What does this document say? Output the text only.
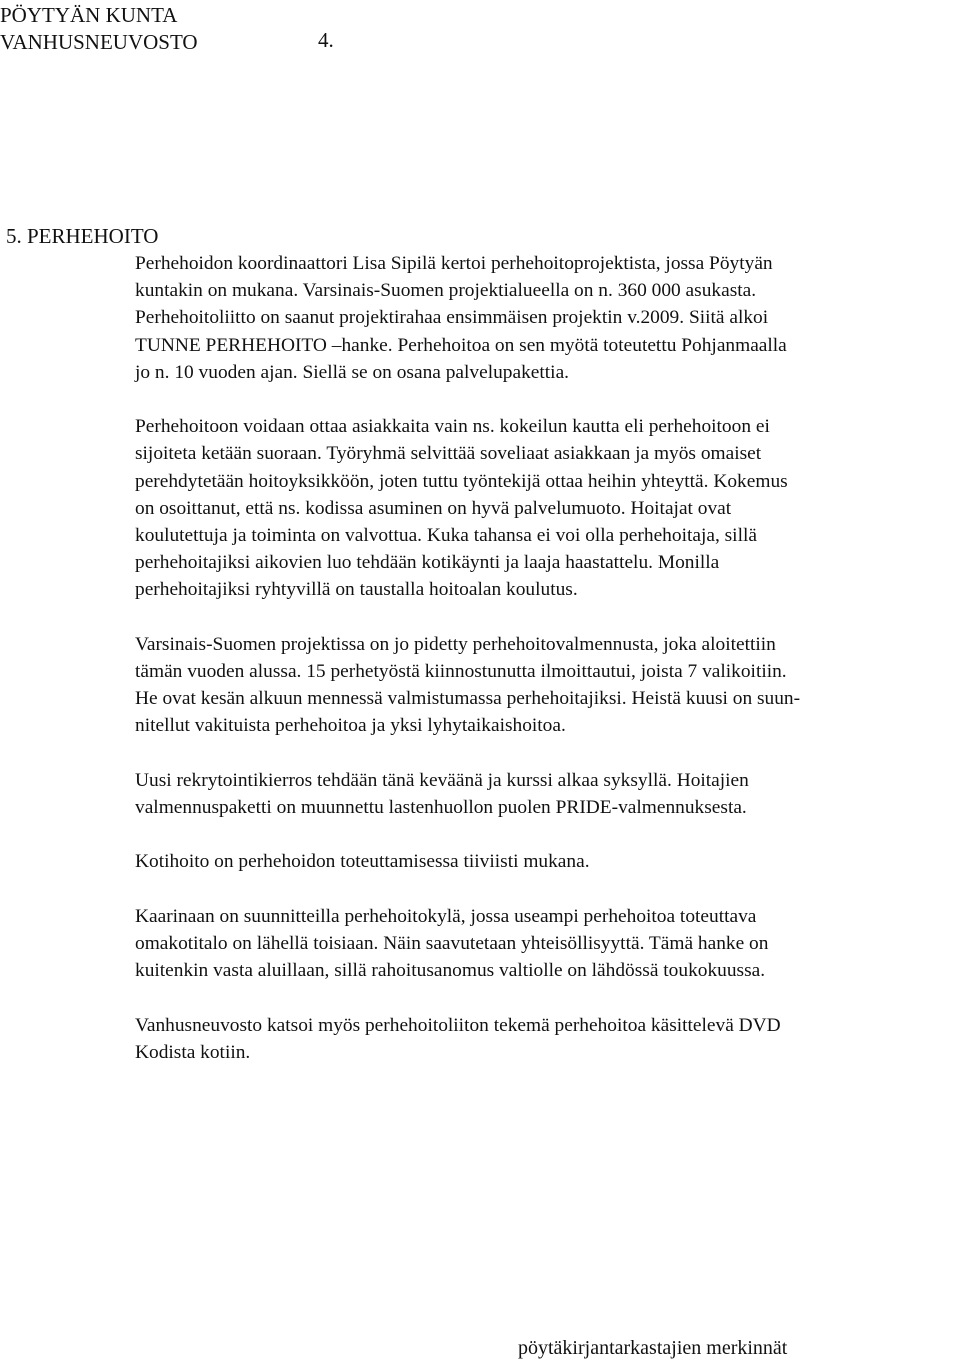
PÖYTYÄN KUNTA
VANHUSNEUVOSTO	4.
5. PERHEHOITO

Perhehoidon koordinaattori Lisa Sipilä kertoi perhehoitoprojektista, jossa Pöytyän
kuntakin on mukana. Varsinais-Suomen projektialueella on n. 360 000 asukasta.
Perhehoitoliitto on saanut projektirahaa ensimmäisen projektin v.2009. Siitä alkoi
TUNNE PERHEHOITO –hanke. Perhehoitoa on sen myötä toteutettu Pohjanmaalla
jo n. 10 vuoden ajan. Siellä se on osana palvelupakettia.

Perhehoitoon voidaan ottaa asiakkaita vain ns. kokeilun kautta eli perhehoitoon ei
sijoiteta ketään suoraan. Työryhmä selvittää soveliaat asiakkaan ja myös omaiset
perehdytetään hoitoyksikköön, joten tuttu työntekijä ottaa heihin yhteyttä. Kokemus
on osoittanut, että ns. kodissa asuminen on hyvä palvelumuoto. Hoitajat ovat
koulutettuja ja toiminta on valvottua. Kuka tahansa ei voi olla perhehoitaja, sillä
perhehoitajiksi aikovien luo tehdään kotikäynti ja laaja haastattelu. Monilla
perhehoitajiksi ryhtyvillä on taustalla hoitoalan koulutus.

Varsinais-Suomen projektissa on jo pidetty perhehoitovalmennusta, joka aloitettiin
tämän vuoden alussa. 15 perhetyöstä kiinnostunutta ilmoittautui, joista 7 valikoitiin.
He ovat kesän alkuun mennessä valmistumassa perhehoitajiksi. Heistä kuusi on suun-
nitellut vakituista perhehoitoa ja yksi lyhytaikaishoitoa.

Uusi rekrytointikierros tehdään tänä keväänä ja kurssi alkaa syksyllä. Hoitajien
valmennuspaketti on muunnettu lastenhuollon puolen PRIDE-valmennuksesta.

Kotihoito on perhehoidon toteuttamisessa tiiviisti mukana.

Kaarinaan on suunnitteilla perhehoitokylä, jossa useampi perhehoitoa toteuttava
omakotitalo on lähellä toisiaan. Näin saavutetaan yhteisöllisyyttä. Tämä hanke on
kuitenkin vasta aluillaan, sillä rahoitusanomus valtiolle on lähdössä toukokuussa.

Vanhusneuvosto katsoi myös perhehoitoliiton tekemä perhehoitoa käsittelevä DVD
Kodista kotiin.

pöytäkirjantarkastajien merkinnät
